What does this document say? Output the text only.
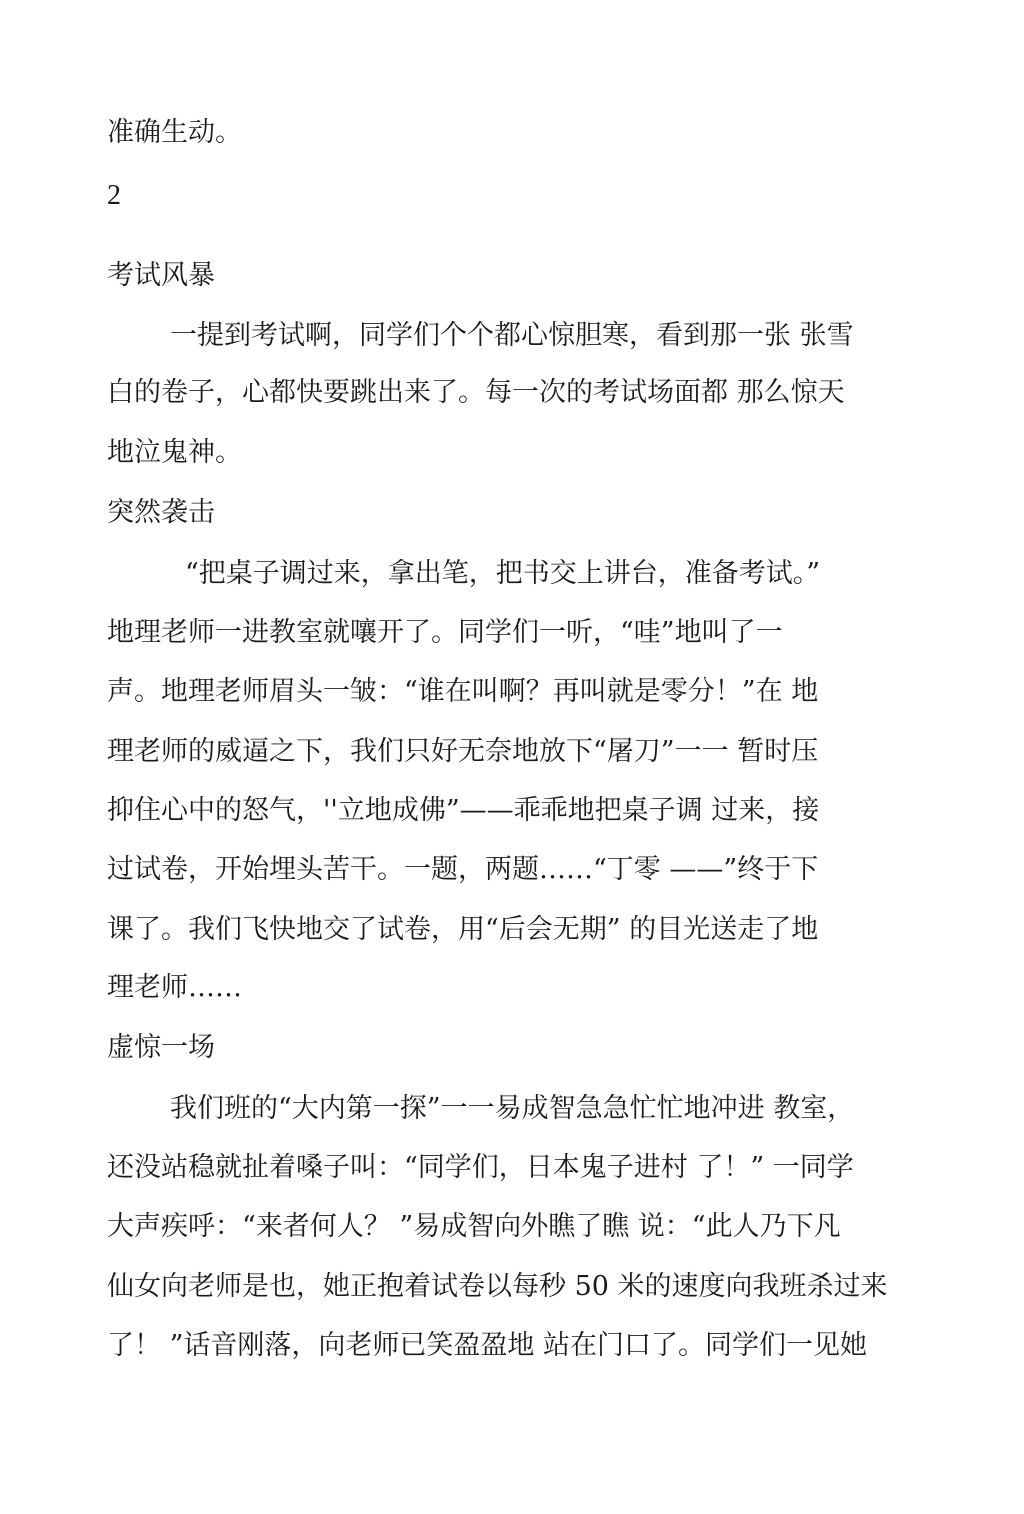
准确生动。
2
考试风暴
一提到考试啊，同学们个个都心惊胆寒，看到那一张 张雪
白的卷子，心都快要跳出来了。每一次的考试场面都 那么惊天
地泣鬼神。
突然袭击
“把桌子调过来，拿出笔，把书交上讲台，准备考试。”
地理老师一进教室就嚷开了。同学们一听，“哇”地叫了一
声。地理老师眉头一皱：“谁在叫啊？再叫就是零分！”在 地
理老师的威逼之下，我们只好无奈地放下“屠刀”一一 暂时压
抑住心中的怒气，''立地成佛”——乖乖地把桌子调 过来，接
过试卷，开始埋头苦干。一题，两题……“丁零 ——”终于下
课了。我们飞快地交了试卷，用“后会无期” 的目光送走了地
理老师……
虚惊一场
我们班的“大内第一探”一一易成智急急忙忙地冲进 教室，
还没站稳就扯着嗓子叫：“同学们，日本鬼子进村 了！” 一同学
大声疾呼：“来者何人？ ”易成智向外瞧了瞧 说：“此人乃下凡
仙女向老师是也，她正抱着试卷以每秒 50 米的速度向我班杀过来
了！ ”话音刚落，向老师已笑盈盈地 站在门口了。同学们一见她
